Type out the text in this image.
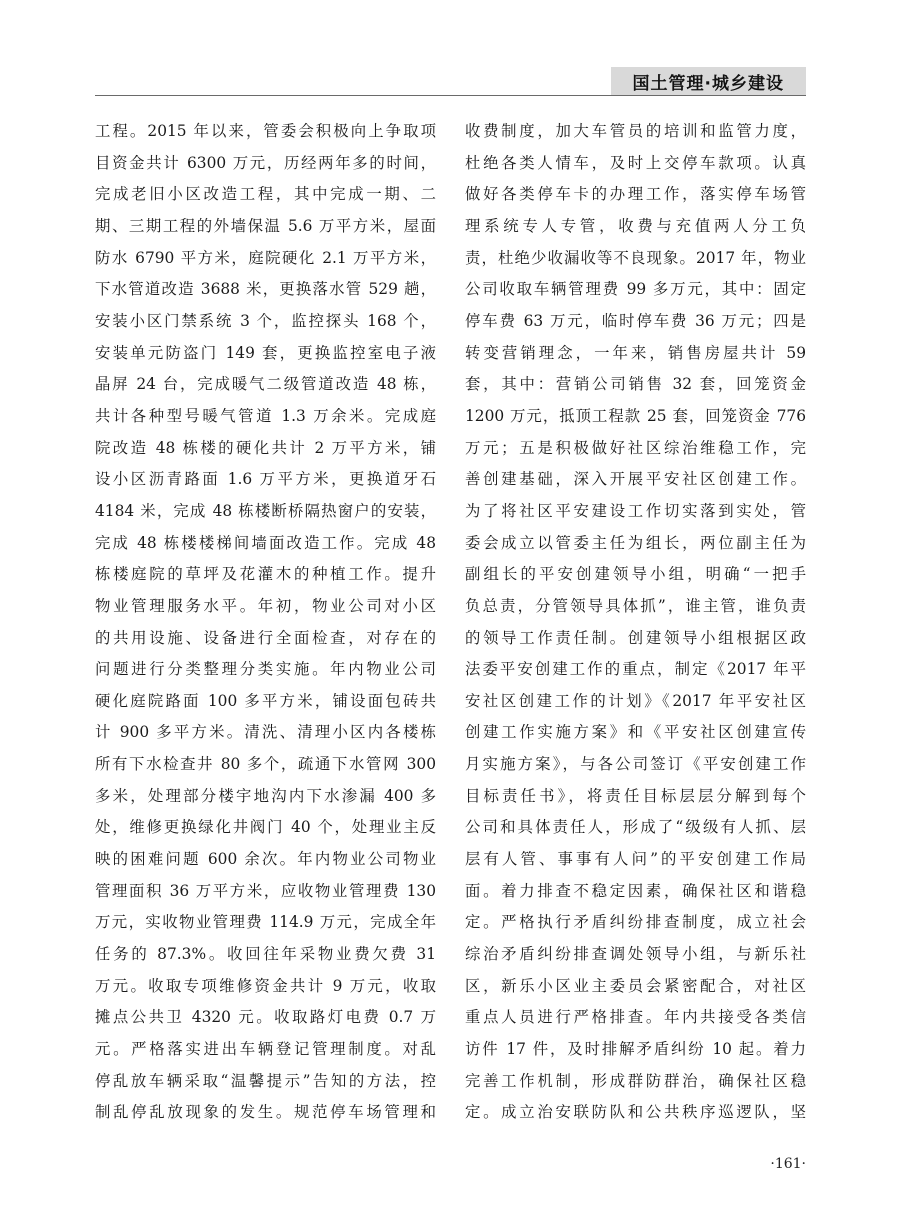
国土管理·城乡建设
工程。2015 年以来，管委会积极向上争取项
目资金共计 6300 万元，历经两年多的时间，
完成老旧小区改造工程，其中完成一期、二
期、三期工程的外墙保温 5.6 万平方米，屋面
防水 6790 平方米，庭院硬化 2.1 万平方米，
下水管道改造 3688 米，更换落水管 529 趟，
安装小区门禁系统 3 个，监控探头 168 个，
安装单元防盗门 149 套，更换监控室电子液
晶屏 24 台，完成暖气二级管道改造 48 栋，
共计各种型号暖气管道 1.3 万余米。完成庭
院改造 48 栋楼的硬化共计 2 万平方米，铺
设小区沥青路面 1.6 万平方米，更换道牙石
4184 米，完成 48 栋楼断桥隔热窗户的安装，
完成 48 栋楼楼梯间墙面改造工作。完成 48
栋楼庭院的草坪及花灌木的种植工作。提升
物业管理服务水平。年初，物业公司对小区
的共用设施、设备进行全面检查，对存在的
问题进行分类整理分类实施。年内物业公司
硬化庭院路面 100 多平方米，铺设面包砖共
计 900 多平方米。清洗、清理小区内各楼栋
所有下水检查井 80 多个，疏通下水管网 300
多米，处理部分楼宇地沟内下水渗漏 400 多
处，维修更换绿化井阀门 40 个，处理业主反
映的困难问题 600 余次。年内物业公司物业
管理面积 36 万平方米，应收物业管理费 130
万元，实收物业管理费 114.9 万元，完成全年
任务的 87.3%。收回往年采物业费欠费 31
万元。收取专项维修资金共计 9 万元，收取
摊点公共卫 4320 元。收取路灯电费 0.7 万
元。严格落实进出车辆登记管理制度。对乱
停乱放车辆采取“温馨提示”告知的方法，控
制乱停乱放现象的发生。规范停车场管理和
收费制度，加大车管员的培训和监管力度，
杜绝各类人情车，及时上交停车款项。认真
做好各类停车卡的办理工作，落实停车场管
理系统专人专管，收费与充值两人分工负
责，杜绝少收漏收等不良现象。2017 年，物业
公司收取车辆管理费 99 多万元，其中：固定
停车费 63 万元，临时停车费 36 万元；四是
转变营销理念，一年来，销售房屋共计 59
套，其中：营销公司销售 32 套，回笼资金
1200 万元，抵顶工程款 25 套，回笼资金 776
万元；五是积极做好社区综治维稳工作，完
善创建基础，深入开展平安社区创建工作。
为了将社区平安建设工作切实落到实处，管
委会成立以管委主任为组长，两位副主任为
副组长的平安创建领导小组，明确“一把手
负总责，分管领导具体抓”，谁主管，谁负责
的领导工作责任制。创建领导小组根据区政
法委平安创建工作的重点，制定《2017 年平
安社区创建工作的计划》《2017 年平安社区
创建工作实施方案》和《平安社区创建宣传
月实施方案》，与各公司签订《平安创建工作
目标责任书》，将责任目标层层分解到每个
公司和具体责任人，形成了“级级有人抓、层
层有人管、事事有人问”的平安创建工作局
面。着力排查不稳定因素，确保社区和谐稳
定。严格执行矛盾纠纷排查制度，成立社会
综治矛盾纠纷排查调处领导小组，与新乐社
区，新乐小区业主委员会紧密配合，对社区
重点人员进行严格排查。年内共接受各类信
访件 17 件，及时排解矛盾纠纷 10 起。着力
完善工作机制，形成群防群治，确保社区稳
定。成立治安联防队和公共秩序巡逻队，坚
·161·
